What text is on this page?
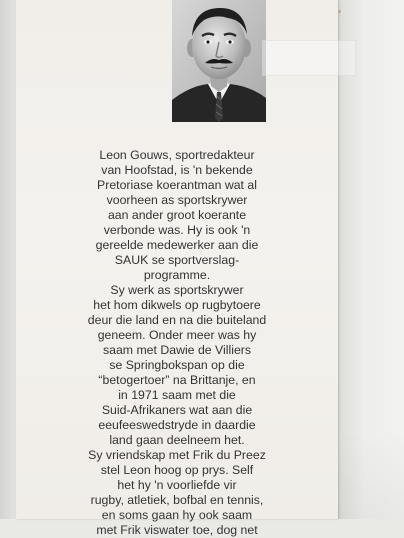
Leon Gouws, sportredakteur
van Hoofstad, is 'n bekende
Pretoriase koerantman wat al
voorheen as sportskrywer
aan ander groot koerante
verbonde was. Hy is ook 'n
gereelde medewerker aan die
SAUK se sportverslag-
programme.
Sy werk as sportskrywer
het hom dikwels op rugbytoere
deur die land en na die buiteland
geneem. Onder meer was hy
saam met Dawie de Villiers
se Springbokspan op die
“betogertoer” na Brittanje, en
in 1971 saam met die
Suid-Afrikaners wat aan die
eeufeeswedstryde in daardie
land gaan deelneem het.
Sy vriendskap met Frik du Preez
stel Leon hoog op prys. Self
het hy 'n voorliefde vir
rugby, atletiek, bofbal en tennis,
en soms gaan hy ook saam
met Frik viswater toe, dog net
